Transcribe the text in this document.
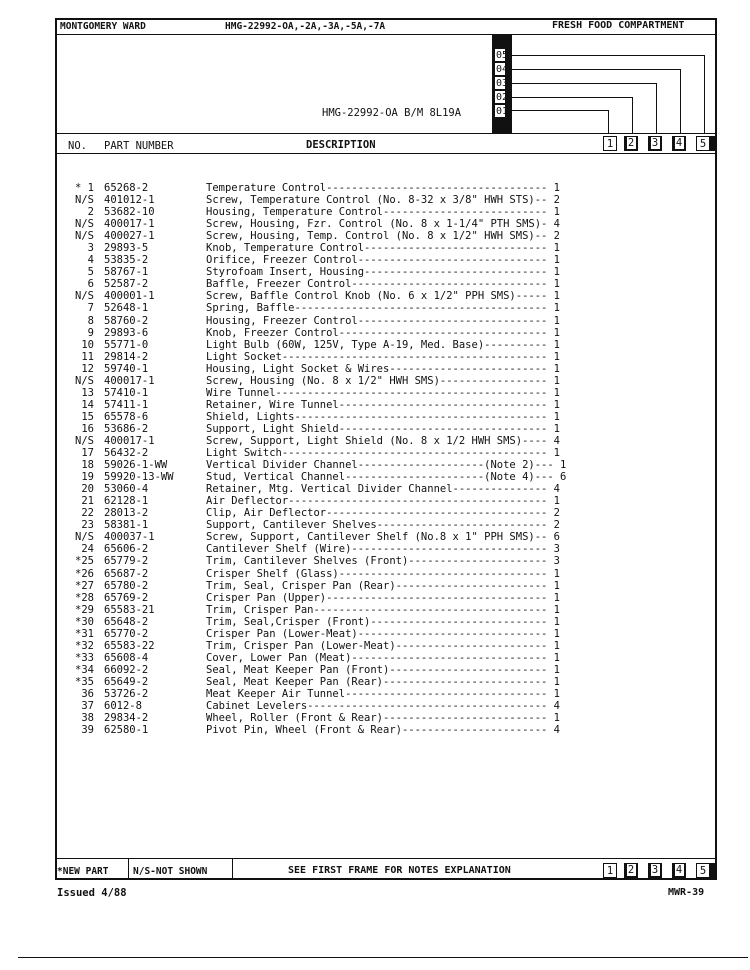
MONTGOMERY WARD	HMG-22992-OA,-2A,-3A,-5A,-7A	FRESH FOOD COMPARTMENT
05
04
03
02
01
HMG-22992-OA B/M 8L19A
NO. PART NUMBER	DESCRIPTION	1	2	3	4	5
* 1 65268-2	Temperature Control----------------------------------- 1
N/S 401012-1	Screw, Temperature Control (No. 8-32 x 3/8" HWH STS)-- 2
2 53682-10	Housing, Temperature Control-------------------------- 1
N/S 400017-1	Screw, Housing, Fzr. Control (No. 8 x 1-1/4" PTH SMS)- 4
N/S 400027-1	Screw, Housing, Temp. Control (No. 8 x 1/2" HWH SMS)-- 2
3 29893-5	Knob, Temperature Control----------------------------- 1
4 53835-2	Orifice, Freezer Control------------------------------ 1
5 58767-1	Styrofoam Insert, Housing----------------------------- 1
6 52587-2	Baffle, Freezer Control------------------------------- 1
N/S 400001-1	Screw, Baffle Control Knob (No. 6 x 1/2" PPH SMS)----- 1
7 52648-1	Spring, Baffle---------------------------------------- 1
8 58760-2	Housing, Freezer Control------------------------------ 1
9 29893-6	Knob, Freezer Control--------------------------------- 1
10 55771-0	Light Bulb (60W, 125V, Type A-19, Med. Base)---------- 1
11 29814-2	Light Socket------------------------------------------ 1
12 59740-1	Housing, Light Socket & Wires------------------------- 1
N/S 400017-1	Screw, Housing (No. 8 x 1/2" HWH SMS)----------------- 1
13 57410-1	Wire Tunnel------------------------------------------- 1
14 57411-1	Retainer, Wire Tunnel--------------------------------- 1
15 65578-6	Shield, Lights---------------------------------------- 1
16 53686-2	Support, Light Shield--------------------------------- 1
N/S 400017-1	Screw, Support, Light Shield (No. 8 x 1/2 HWH SMS)---- 4
17 56432-2	Light Switch------------------------------------------ 1
18 59026-1-WW	Vertical Divider Channel--------------------(Note 2)--- 1
19 59920-13-WW	Stud, Vertical Channel----------------------(Note 4)--- 6
20 53060-4	Retainer, Mtg. Vertical Divider Channel--------------- 4
21 62128-1	Air Deflector----------------------------------------- 1
22 28013-2	Clip, Air Deflector----------------------------------- 2
23 58381-1	Support, Cantilever Shelves--------------------------- 2
N/S 400037-1	Screw, Support, Cantilever Shelf (No.8 x 1" PPH SMS)-- 6
24 65606-2	Cantilever Shelf (Wire)------------------------------- 3
*25 65779-2	Trim, Cantilever Shelves (Front)---------------------- 3
*26 65687-2	Crisper Shelf (Glass)--------------------------------- 1
*27 65780-2	Trim, Seal, Crisper Pan (Rear)------------------------ 1
*28 65769-2	Crisper Pan (Upper)----------------------------------- 1
*29 65583-21	Trim, Crisper Pan------------------------------------- 1
*30 65648-2	Trim, Seal,Crisper (Front)---------------------------- 1
*31 65770-2	Crisper Pan (Lower-Meat)------------------------------ 1
*32 65583-22	Trim, Crisper Pan (Lower-Meat)------------------------ 1
*33 65608-4	Cover, Lower Pan (Meat)------------------------------- 1
*34 66092-2	Seal, Meat Keeper Pan (Front)------------------------- 1
*35 65649-2	Seal, Meat Keeper Pan (Rear)-------------------------- 1
36 53726-2	Meat Keeper Air Tunnel-------------------------------- 1
37 6012-8	Cabinet Levelers-------------------------------------- 4
38 29834-2	Wheel, Roller (Front & Rear)-------------------------- 1
39 62580-1	Pivot Pin, Wheel (Front & Rear)----------------------- 4
*NEW PART	N/S-NOT SHOWN	SEE FIRST FRAME FOR NOTES EXPLANATION	1	2	3	4	5
Issued 4/88	MWR-39
